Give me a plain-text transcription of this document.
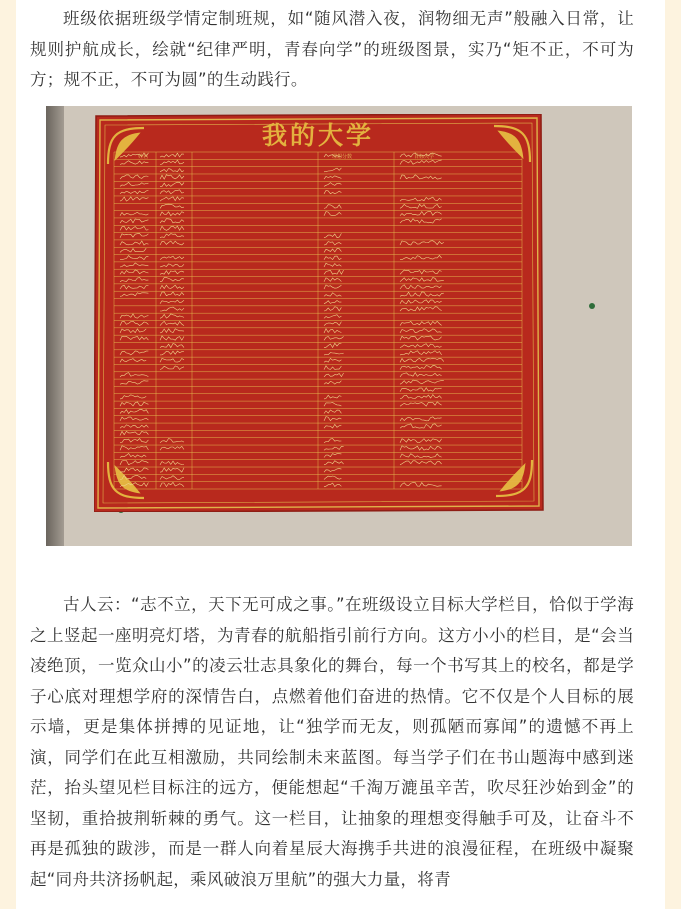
班级依据班级学情定制班规，如“随风潜入夜，润物细无声”般融入日常，让规则护航成长，绘就“纪律严明，青春向学”的班级图景，实乃“矩不正，不可为方；规不正，不可为圆”的生动践行。

我的大学
姓名	理想分数	目标大学

古人云：“志不立，天下无可成之事。”在班级设立目标大学栏目，恰似于学海之上竖起一座明亮灯塔，为青春的航船指引前行方向。这方小小的栏目，是“会当凌绝顶，一览众山小”的凌云壮志具象化的舞台，每一个书写其上的校名，都是学子心底对理想学府的深情告白，点燃着他们奋进的热情。它不仅是个人目标的展示墙，更是集体拼搏的见证地，让“独学而无友，则孤陋而寡闻”的遗憾不再上演，同学们在此互相激励，共同绘制未来蓝图。每当学子们在书山题海中感到迷茫，抬头望见栏目标注的远方，便能想起“千淘万漉虽辛苦，吹尽狂沙始到金”的坚韧，重拾披荆斩棘的勇气。这一栏目，让抽象的理想变得触手可及，让奋斗不再是孤独的跋涉，而是一群人向着星辰大海携手共进的浪漫征程，在班级中凝聚起“同舟共济扬帆起，乘风破浪万里航”的强大力量，将青
